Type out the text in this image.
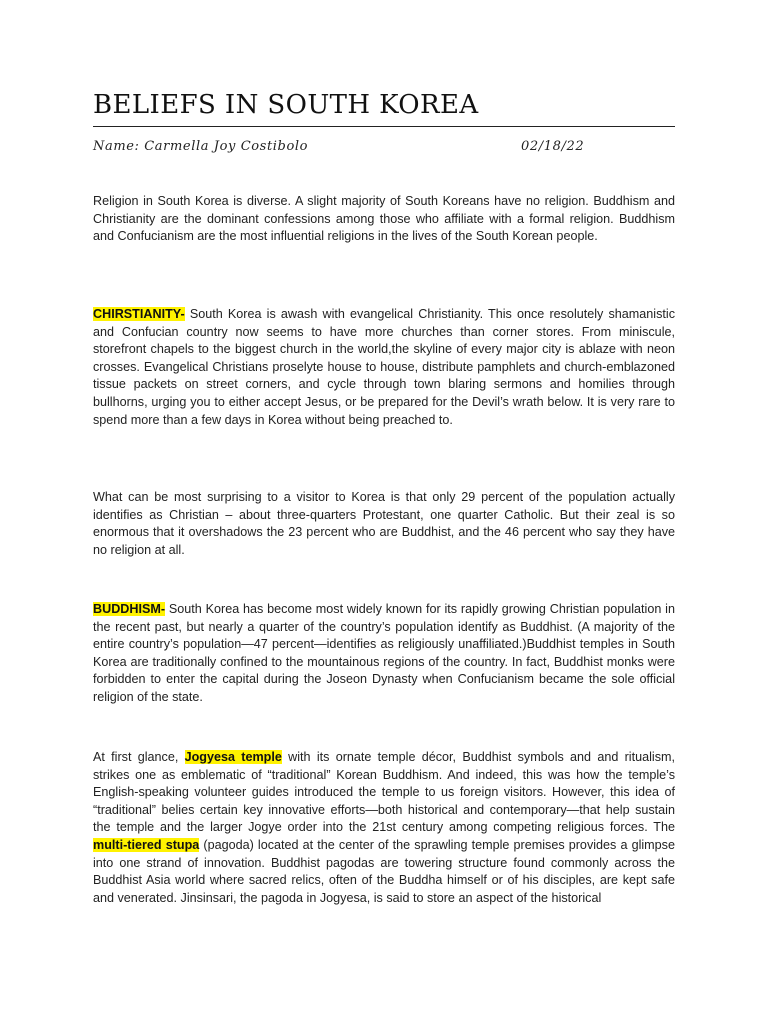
BELIEFS IN SOUTH KOREA
Name: Carmella Joy Costibolo	02/18/22

Religion in South Korea is diverse. A slight majority of South Koreans have no religion. Buddhism and Christianity are the dominant confessions among those who affiliate with a formal religion. Buddhism and Confucianism are the most influential religions in the lives of the South Korean people.

CHIRSTIANITY- South Korea is awash with evangelical Christianity. This once resolutely shamanistic and Confucian country now seems to have more churches than corner stores. From miniscule, storefront chapels to the biggest church in the world,the skyline of every major city is ablaze with neon crosses. Evangelical Christians proselyte house to house, distribute pamphlets and church-emblazoned tissue packets on street corners, and cycle through town blaring sermons and homilies through bullhorns, urging you to either accept Jesus, or be prepared for the Devil’s wrath below. It is very rare to spend more than a few days in Korea without being preached to.

What can be most surprising to a visitor to Korea is that only 29 percent of the population actually identifies as Christian – about three-quarters Protestant, one quarter Catholic. But their zeal is so enormous that it overshadows the 23 percent who are Buddhist, and the 46 percent who say they have no religion at all.

BUDDHISM- South Korea has become most widely known for its rapidly growing Christian population in the recent past, but nearly a quarter of the country’s population identify as Buddhist. (A majority of the entire country’s population—47 percent—identifies as religiously unaffiliated.)Buddhist temples in South Korea are traditionally confined to the mountainous regions of the country. In fact, Buddhist monks were forbidden to enter the capital during the Joseon Dynasty when Confucianism became the sole official religion of the state.

At first glance, Jogyesa temple with its ornate temple décor, Buddhist symbols and and ritualism, strikes one as emblematic of “traditional” Korean Buddhism. And indeed, this was how the temple’s English-speaking volunteer guides introduced the temple to us foreign visitors. However, this idea of “traditional” belies certain key innovative efforts—both historical and contemporary—that help sustain the temple and the larger Jogye order into the 21st century among competing religious forces. The multi-tiered stupa (pagoda) located at the center of the sprawling temple premises provides a glimpse into one strand of innovation. Buddhist pagodas are towering structure found commonly across the Buddhist Asia world where sacred relics, often of the Buddha himself or of his disciples, are kept safe and venerated. Jinsinsari, the pagoda in Jogyesa, is said to store an aspect of the historical
